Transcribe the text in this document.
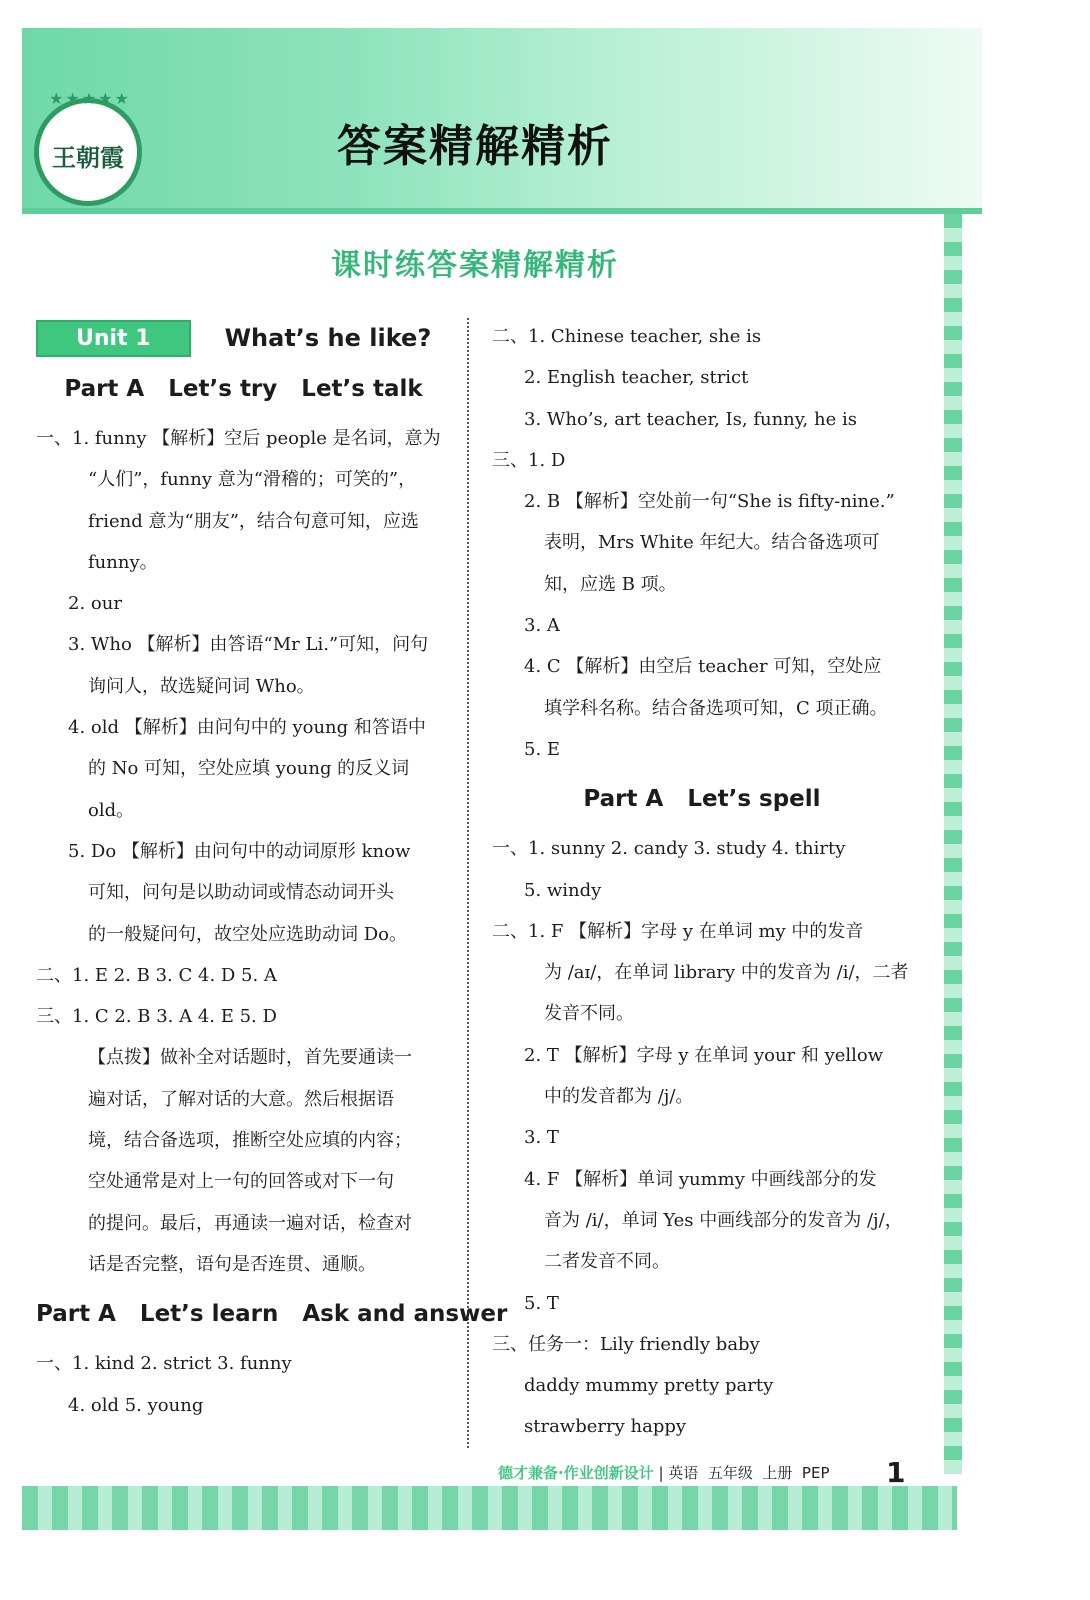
★★★★★
王朝霞	答案精解精析
课时练答案精解精析
Unit 1	What’s he like?
Part A   Let’s try   Let’s talk
一、1. funny 【解析】空后 people 是名词，意为
“人们”，funny 意为“滑稽的；可笑的”，
friend 意为“朋友”，结合句意可知，应选
funny。
2. our
3. Who 【解析】由答语“Mr Li.”可知，问句
询问人，故选疑问词 Who。
4. old 【解析】由问句中的 young 和答语中
的 No 可知，空处应填 young 的反义词
old。
5. Do 【解析】由问句中的动词原形 know
可知，问句是以助动词或情态动词开头
的一般疑问句，故空处应选助动词 Do。
二、1. E 2. B 3. C 4. D 5. A
三、1. C 2. B 3. A 4. E 5. D
【点拨】做补全对话题时，首先要通读一
遍对话，了解对话的大意。然后根据语
境，结合备选项，推断空处应填的内容；
空处通常是对上一句的回答或对下一句
的提问。最后，再通读一遍对话，检查对
话是否完整，语句是否连贯、通顺。
Part A   Let’s learn   Ask and answer
一、1. kind 2. strict 3. funny
4. old 5. young
二、1. Chinese teacher, she is
2. English teacher, strict
3. Who’s, art teacher, Is, funny, he is
三、1. D
2. B 【解析】空处前一句“She is fifty-nine.”
表明，Mrs White 年纪大。结合备选项可
知，应选 B 项。
3. A
4. C 【解析】由空后 teacher 可知，空处应
填学科名称。结合备选项可知，C 项正确。
5. E
Part A   Let’s spell
一、1. sunny 2. candy 3. study 4. thirty
5. windy
二、1. F 【解析】字母 y 在单词 my 中的发音
为 /aɪ/，在单词 library 中的发音为 /i/，二者
发音不同。
2. T 【解析】字母 y 在单词 your 和 yellow
中的发音都为 /j/。
3. T
4. F 【解析】单词 yummy 中画线部分的发
音为 /i/，单词 Yes 中画线部分的发音为 /j/，
二者发音不同。
5. T
三、任务一：Lily friendly baby
daddy mummy pretty party
strawberry happy
德才兼备·作业创新设计 | 英语  五年级  上册  PEP 1
